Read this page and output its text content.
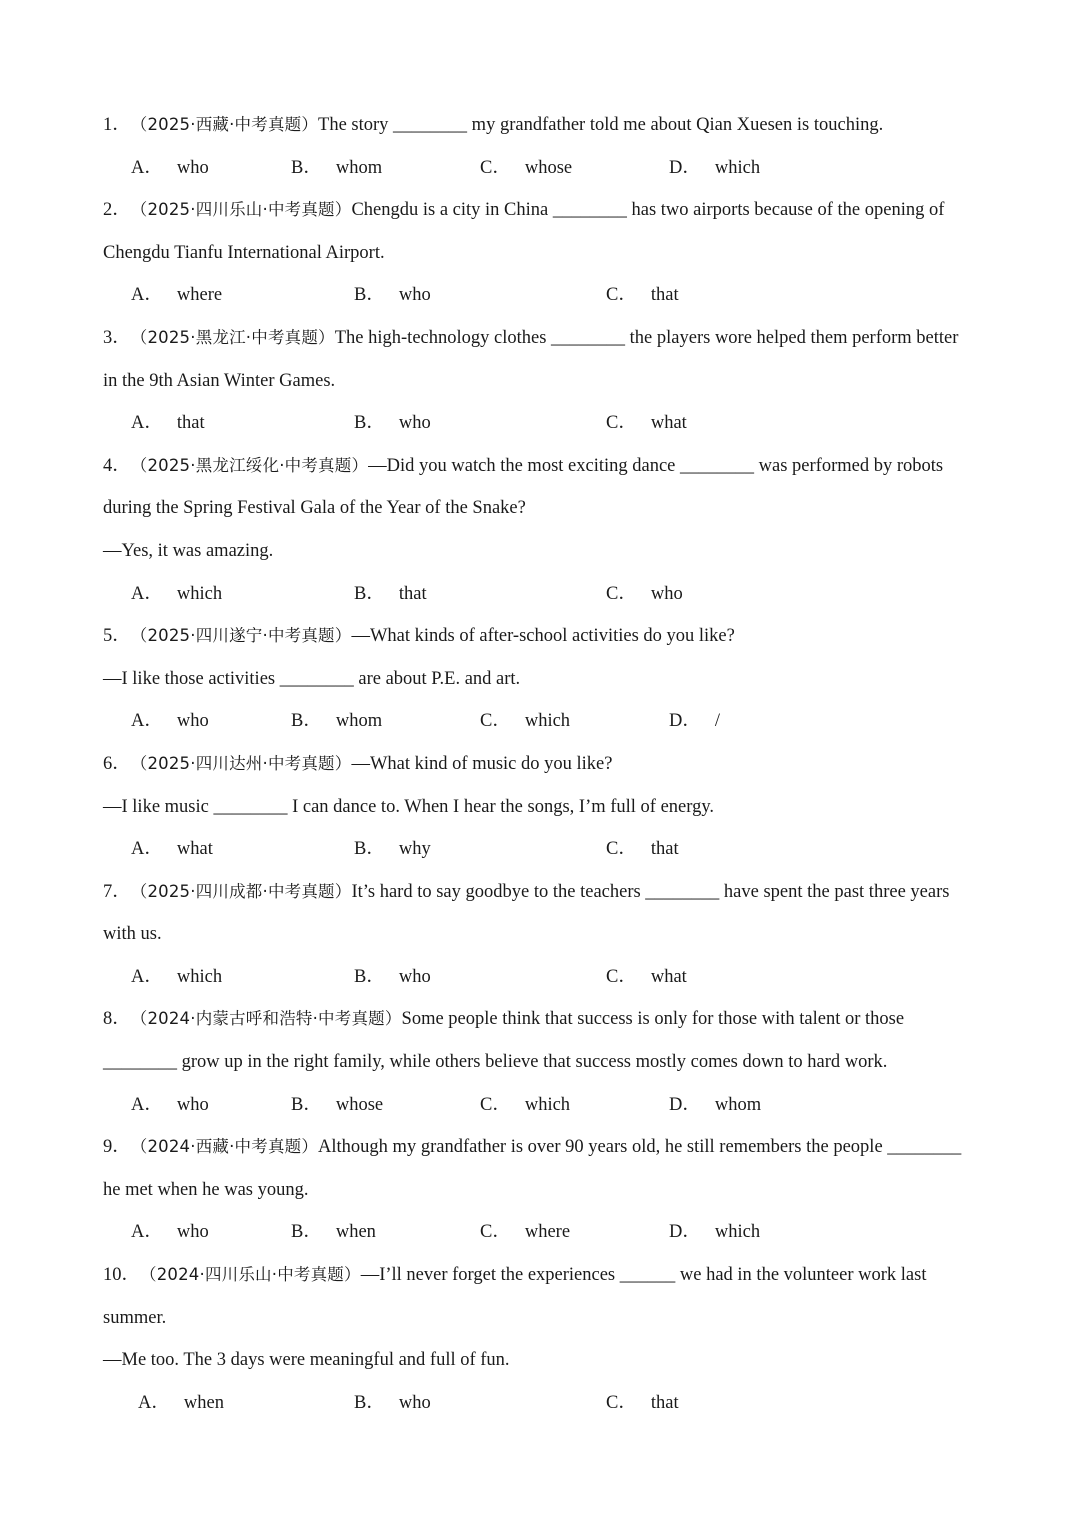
1．（2025·西藏·中考真题）The story ________ my grandfather told me about Qian Xuesen is touching.
A． who	B． whom	C． whose	D． which
2．（2025·四川乐山·中考真题）Chengdu is a city in China ________ has two airports because of the opening of
Chengdu Tianfu International Airport.
A． where	B． who	C． that
3．（2025·黑龙江·中考真题）The high-technology clothes ________ the players wore helped them perform better
in the 9th Asian Winter Games.
A． that	B． who	C． what
4．（2025·黑龙江绥化·中考真题）—Did you watch the most exciting dance ________ was performed by robots
during the Spring Festival Gala of the Year of the Snake?
—Yes, it was amazing.
A． which	B． that	C． who
5．（2025·四川遂宁·中考真题）—What kinds of after-school activities do you like?
—I like those activities ________ are about P.E. and art.
A． who	B． whom	C． which	D． /
6．（2025·四川达州·中考真题）—What kind of music do you like?
—I like music ________ I can dance to. When I hear the songs, I’m full of energy.
A． what	B． why	C． that
7．（2025·四川成都·中考真题）It’s hard to say goodbye to the teachers ________ have spent the past three years
with us.
A． which	B． who	C． what
8．（2024·内蒙古呼和浩特·中考真题）Some people think that success is only for those with talent or those
________ grow up in the right family, while others believe that success mostly comes down to hard work.
A． who	B． whose	C． which	D． whom
9．（2024·西藏·中考真题）Although my grandfather is over 90 years old, he still remembers the people ________
he met when he was young.
A． who	B． when	C． where	D． which
10．（2024·四川乐山·中考真题）—I’ll never forget the experiences ______ we had in the volunteer work last
summer.
—Me too. The 3 days were meaningful and full of fun.
A． when	B． who	C． that
